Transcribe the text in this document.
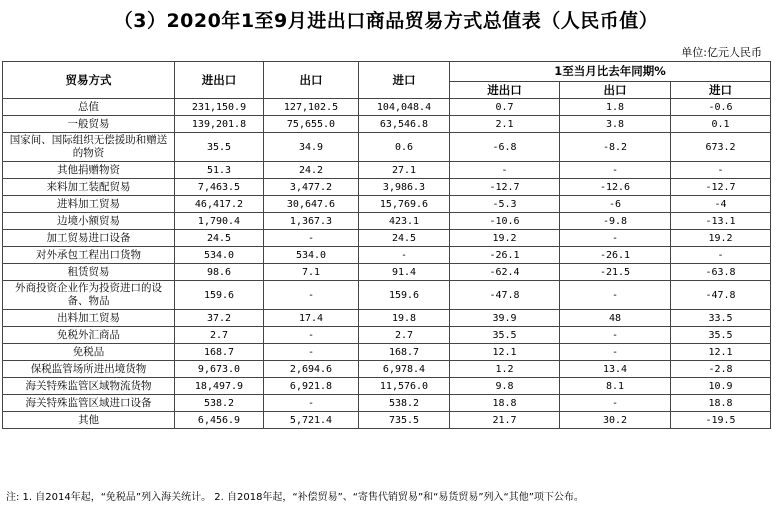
（3）2020年1至9月进出口商品贸易方式总值表（人民币值）
单位:亿元人民币
贸易方式	进出口	出口	进口	1至当月比去年同期%		
				进出口	出口	进口
总值	231,150.9	127,102.5	104,048.4	0.7	1.8	-0.6
一般贸易	139,201.8	75,655.0	63,546.8	2.1	3.8	0.1
国家间、国际组织无偿援助和赠送的物资	35.5	34.9	0.6	-6.8	-8.2	673.2
其他捐赠物资	51.3	24.2	27.1	-	-	-
来料加工装配贸易	7,463.5	3,477.2	3,986.3	-12.7	-12.6	-12.7
进料加工贸易	46,417.2	30,647.6	15,769.6	-5.3	-6	-4
边境小额贸易	1,790.4	1,367.3	423.1	-10.6	-9.8	-13.1
加工贸易进口设备	24.5	-	24.5	19.2	-	19.2
对外承包工程出口货物	534.0	534.0	-	-26.1	-26.1	-
租赁贸易	98.6	7.1	91.4	-62.4	-21.5	-63.8
外商投资企业作为投资进口的设备、物品	159.6	-	159.6	-47.8	-	-47.8
出料加工贸易	37.2	17.4	19.8	39.9	48	33.5
免税外汇商品	2.7	-	2.7	35.5	-	35.5
免税品	168.7	-	168.7	12.1	-	12.1
保税监管场所进出境货物	9,673.0	2,694.6	6,978.4	1.2	13.4	-2.8
海关特殊监管区域物流货物	18,497.9	6,921.8	11,576.0	9.8	8.1	10.9
海关特殊监管区域进口设备	538.2	-	538.2	18.8	-	18.8
其他	6,456.9	5,721.4	735.5	21.7	30.2	-19.5
注: 1. 自2014年起，“免税品”列入海关统计。 2. 自2018年起，“补偿贸易”、“寄售代销贸易”和“易货贸易”列入“其他”项下公布。
